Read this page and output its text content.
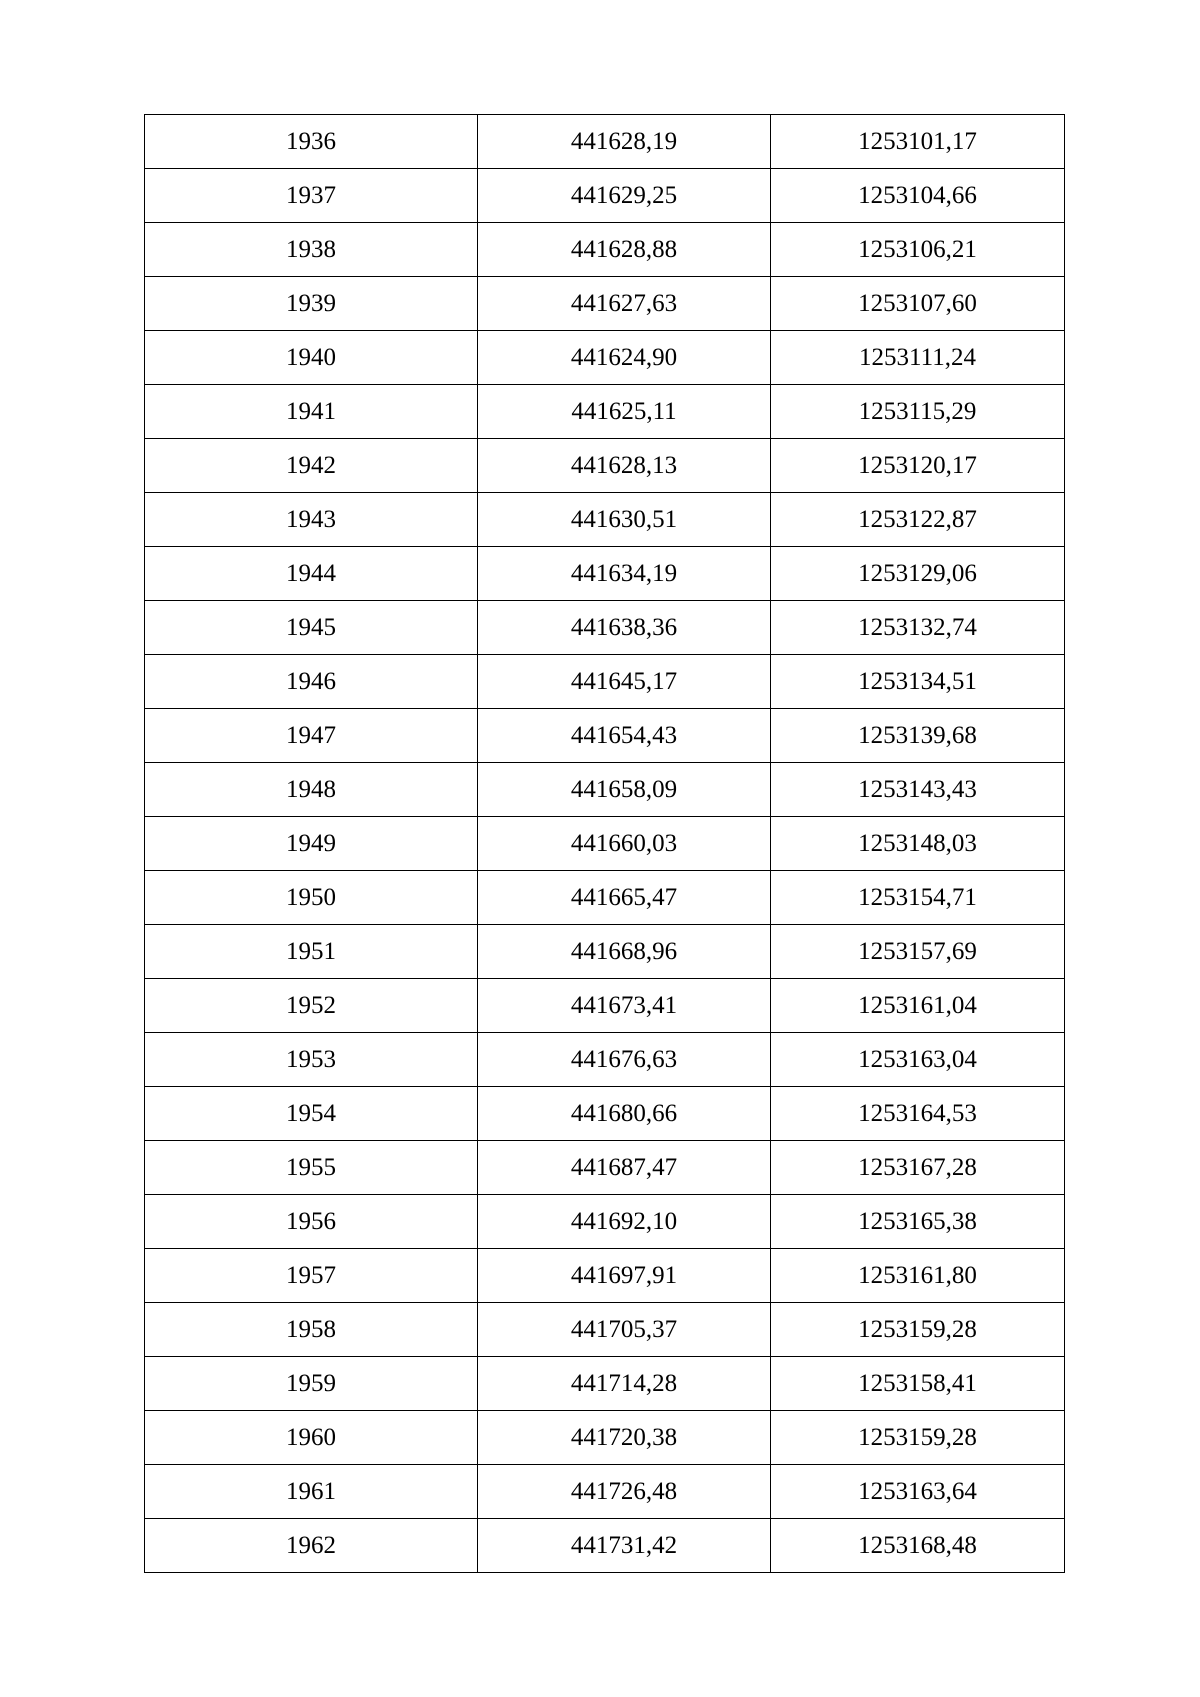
1936	441628,19	1253101,17
1937	441629,25	1253104,66
1938	441628,88	1253106,21
1939	441627,63	1253107,60
1940	441624,90	1253111,24
1941	441625,11	1253115,29
1942	441628,13	1253120,17
1943	441630,51	1253122,87
1944	441634,19	1253129,06
1945	441638,36	1253132,74
1946	441645,17	1253134,51
1947	441654,43	1253139,68
1948	441658,09	1253143,43
1949	441660,03	1253148,03
1950	441665,47	1253154,71
1951	441668,96	1253157,69
1952	441673,41	1253161,04
1953	441676,63	1253163,04
1954	441680,66	1253164,53
1955	441687,47	1253167,28
1956	441692,10	1253165,38
1957	441697,91	1253161,80
1958	441705,37	1253159,28
1959	441714,28	1253158,41
1960	441720,38	1253159,28
1961	441726,48	1253163,64
1962	441731,42	1253168,48
